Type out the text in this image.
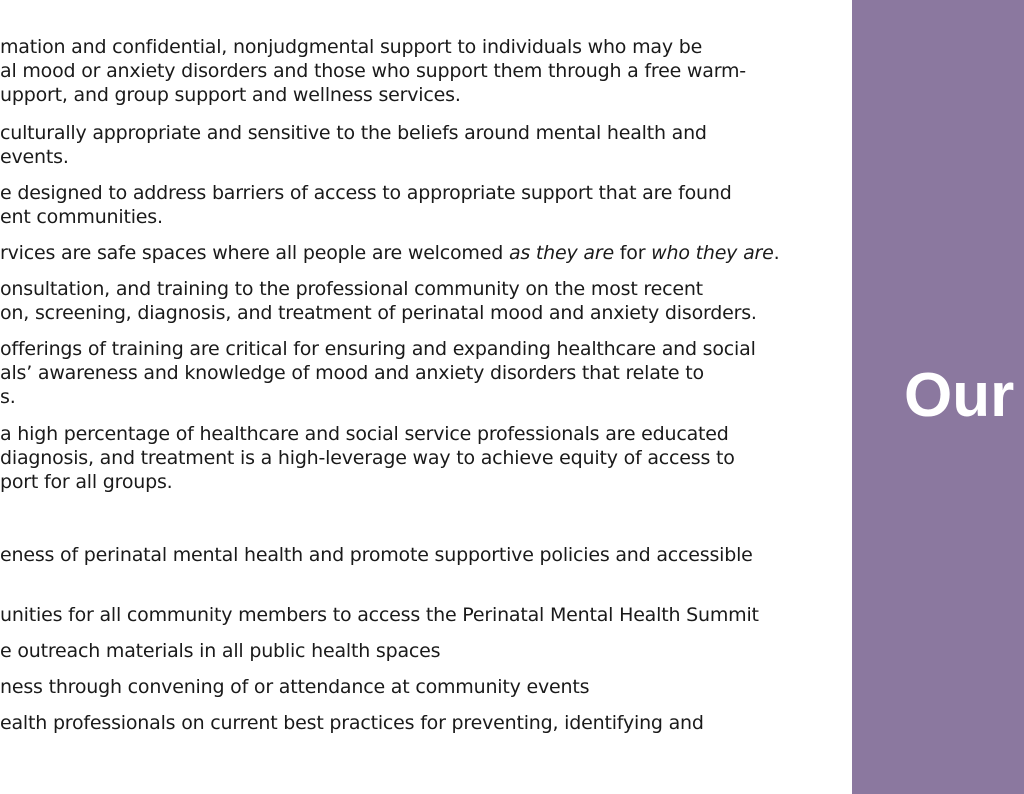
mation and confidential, nonjudgmental support to individuals who may be
al mood or anxiety disorders and those who support them through a free warm-
upport, and group support and wellness services.
culturally appropriate and sensitive to the beliefs around mental health and
events.
e designed to address barriers of access to appropriate support that are found
ent communities.
rvices are safe spaces where all people are welcomed as they are for who they are.
onsultation, and training to the professional community on the most recent
on, screening, diagnosis, and treatment of perinatal mood and anxiety disorders.
offerings of training are critical for ensuring and expanding healthcare and social
als’ awareness and knowledge of mood and anxiety disorders that relate to
s.
a high percentage of healthcare and social service professionals are educated
diagnosis, and treatment is a high-leverage way to achieve equity of access to
port for all groups.
eness of perinatal mental health and promote supportive policies and accessible
unities for all community members to access the Perinatal Mental Health Summit
e outreach materials in all public health spaces
ness through convening of or attendance at community events
ealth professionals on current best practices for preventing, identifying and
Our
